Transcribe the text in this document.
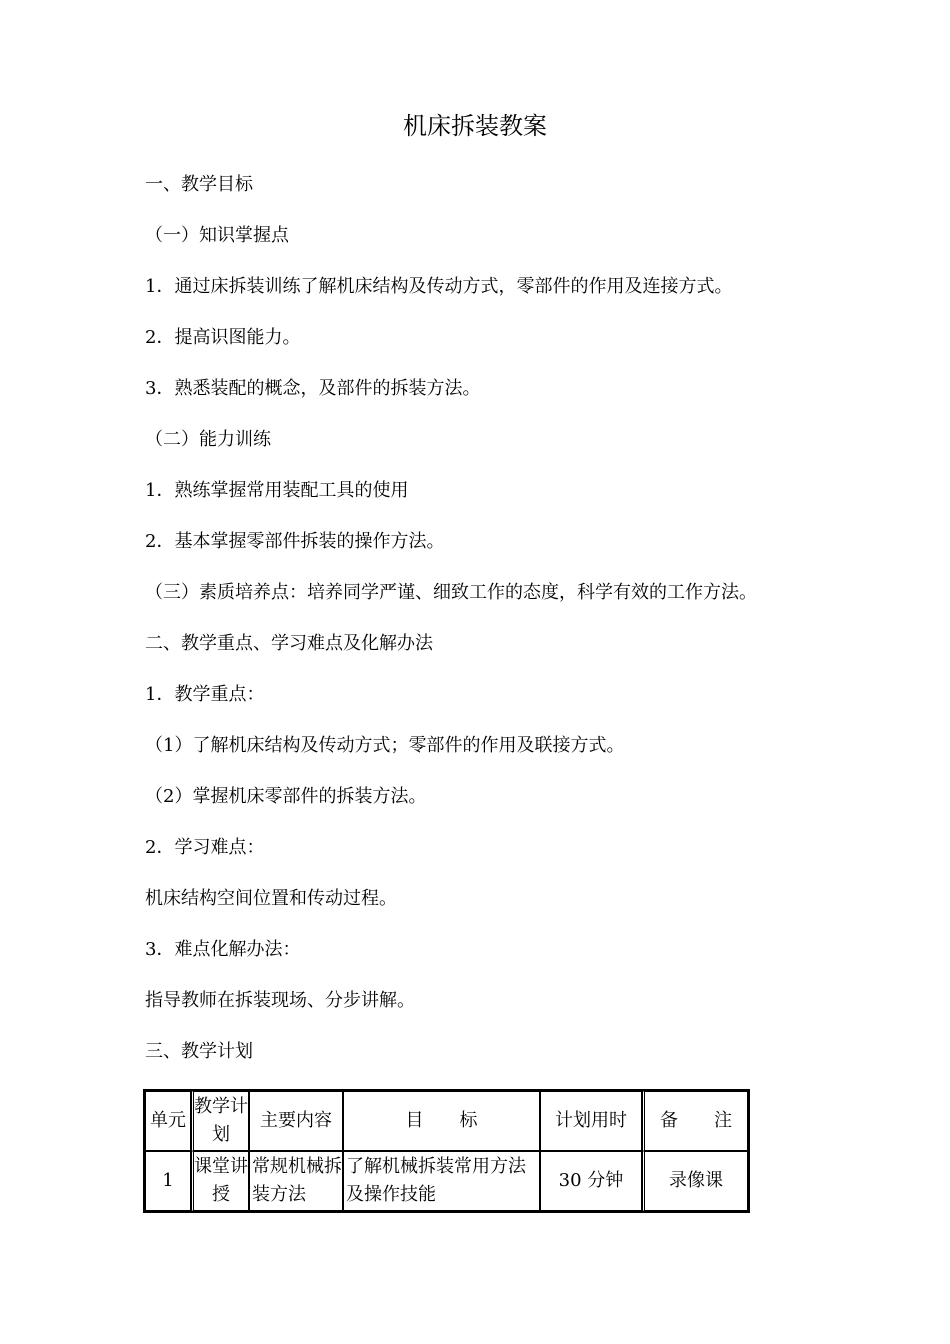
机床拆装教案
一、教学目标
（一）知识掌握点
1．通过床拆装训练了解机床结构及传动方式，零部件的作用及连接方式。
2．提高识图能力。
3．熟悉装配的概念，及部件的拆装方法。
（二）能力训练
1．熟练掌握常用装配工具的使用
2．基本掌握零部件拆装的操作方法。
（三）素质培养点：培养同学严谨、细致工作的态度，科学有效的工作方法。
二、教学重点、学习难点及化解办法
1．教学重点：
（1）了解机床结构及传动方式；零部件的作用及联接方式。
（2）掌握机床零部件的拆装方法。
2．学习难点：
机床结构空间位置和传动过程。
3．难点化解办法：
指导教师在拆装现场、分步讲解。
三、教学计划
单元	教学计划	主要内容	目　　标	计划用时	备　　注
1	课堂讲授	常规机械拆装方法	了解机械拆装常用方法及操作技能	30 分钟	录像课
